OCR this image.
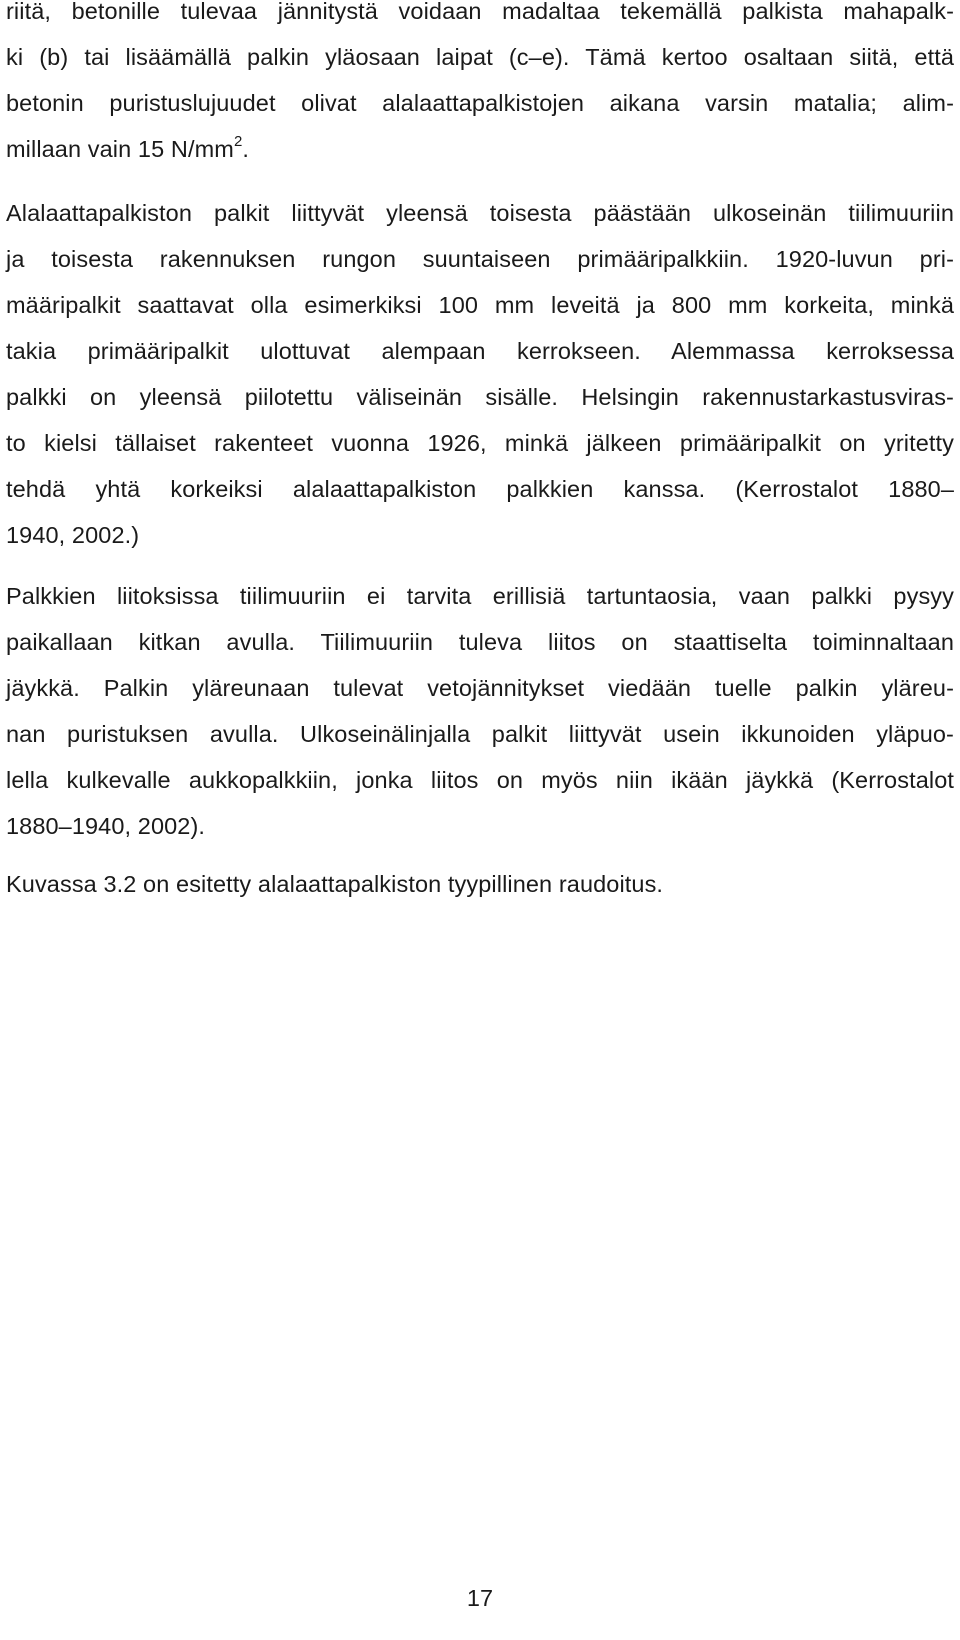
riitä, betonille tulevaa jännitystä voidaan madaltaa tekemällä palkista mahapalk-
ki (b) tai lisäämällä palkin yläosaan laipat (c–e). Tämä kertoo osaltaan siitä, että
betonin puristuslujuudet olivat alalaattapalkistojen aikana varsin matalia; alim-
millaan vain 15 $N/mm^2$.
Alalaattapalkiston palkit liittyvät yleensä toisesta päästään ulkoseinän tiilimuuriin
ja toisesta rakennuksen rungon suuntaiseen primääripalkkiin. 1920-luvun pri-
määripalkit saattavat olla esimerkiksi 100 mm leveitä ja 800 mm korkeita, minkä
takia primääripalkit ulottuvat alempaan kerrokseen. Alemmassa kerroksessa
palkki on yleensä piilotettu väliseinän sisälle. Helsingin rakennustarkastusviras-
to kielsi tällaiset rakenteet vuonna 1926, minkä jälkeen primääripalkit on yritetty
tehdä yhtä korkeiksi alalaattapalkiston palkkien kanssa. (Kerrostalot 1880–
1940, 2002.)
Palkkien liitoksissa tiilimuuriin ei tarvita erillisiä tartuntaosia, vaan palkki pysyy
paikallaan kitkan avulla. Tiilimuuriin tuleva liitos on staattiselta toiminnaltaan
jäykkä. Palkin yläreunaan tulevat vetojännitykset viedään tuelle palkin yläreu-
nan puristuksen avulla. Ulkoseinälinjalla palkit liittyvät usein ikkunoiden yläpuo-
lella kulkevalle aukkopalkkiin, jonka liitos on myös niin ikään jäykkä (Kerrostalot
1880–1940, 2002).
Kuvassa 3.2 on esitetty alalaattapalkiston tyypillinen raudoitus.
17
